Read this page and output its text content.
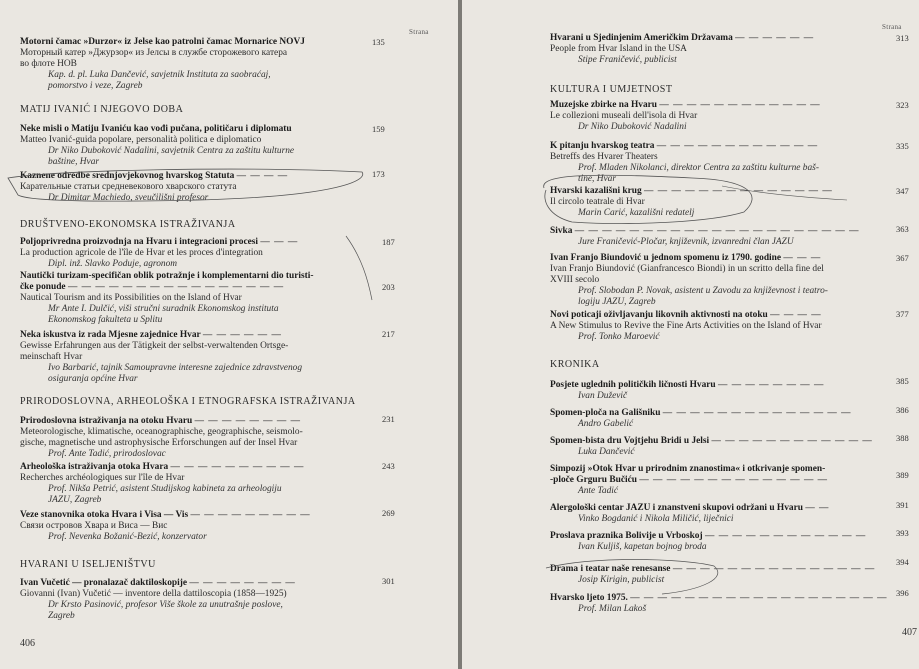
Strana
Motorni čamac »Durzor« iz Jelse kao patrolni čamac Mornarice NOVJ
Моторный катер »Джурзор« из Јелсы в службе сторожевого катера
во флоте НОВ
Kap. d. pl. Luka Dančević, savjetnik Instituta za saobraćaj,
pomorstvo i veze, Zagreb
135
MATIJ IVANIĆ I NJEGOVO DOBA
Neke misli o Matiju Ivaniću kao vođi pučana, političaru i diplomatu
Matteo Ivanić-guida popolare, personalità politica e diplomatico
Dr Niko Duboković Nadalini, savjetnik Centra za zaštitu kulturne
baštine, Hvar
159
Kaznene odredbe srednjovjekovnog hvarskog Statuta — — — —
Карательные статьи средневекового хварского статута
Dr Dimitar Machiedo, sveučilišni profesor
173
DRUŠTVENO-EKONOMSKA ISTRAŽIVANJA
Poljoprivredna proizvodnja na Hvaru i integracioni procesi — — —
La production agricole de l'île de Hvar et les proces d'integration
Dipl. inž. Slavko Poduje, agronom
187
Nautički turizam-specifičan oblik potražnje i komplementarni dio turisti-
čke ponude — — — — — — — — — — — — — — — —
Nautical Tourism and its Possibilities on the Island of Hvar
Mr Ante I. Dulčić, viši stručni suradnik Ekonomskog instituta
Ekonomskog fakulteta u Splitu
203
Neka iskustva iz rada Mjesne zajednice Hvar — — — — — —
Gewisse Erfahrungen aus der Tätigkeit der selbst-verwaltenden Ortsge-
meinschaft Hvar
Ivo Barbarić, tajnik Samoupravne interesne zajednice zdravstvenog
osiguranja općine Hvar
217
PRIRODOSLOVNA, ARHEOLOŠKA I ETNOGRAFSKA ISTRAŽIVANJA
Prirodoslovna istraživanja na otoku Hvaru — — — — — — — —
Meteorologische, klimatische, oceanographische, geographische, seismolo-
gische, magnetische und astrophysische Erforschungen auf der Insel Hvar
Prof. Ante Tadić, prirodoslovac
231
Arheološka istraživanja otoka Hvara — — — — — — — — — —
Recherches archéologiques sur l'île de Hvar
Prof. Nikša Petrić, asistent Studijskog kabineta za arheologiju
JAZU, Zagreb
243
Veze stanovnika otoka Hvara i Visa — Vis — — — — — — — — —
Связи островов Хвара и Виса — Вис
Prof. Nevenka Božanić-Bezić, konzervator
269
HVARANI U ISELJENIŠTVU
Ivan Vučetić — pronalazač daktiloskopije — — — — — — — —
Giovanni (Ivan) Vučetić — inventore della dattiloscopia (1858—1925)
Dr Krsto Pasinović, profesor Više škole za unutrašnje poslove,
Zagreb
301
406
Strana
Hvarani u Sjedinjenim Američkim Državama — — — — — —
People from Hvar Island in the USA
Stipe Franičević, publicist
313
KULTURA I UMJETNOST
Muzejske zbirke na Hvaru — — — — — — — — — — — —
Le collezioni museali dell'isola di Hvar
Dr Niko Duboković Nadalini
323
K pitanju hvarskog teatra — — — — — — — — — — — —
Betreffs des Hvarer Theaters
Prof. Mladen Nikolanci, direktor Centra za zaštitu kulturne baš-
tine, Hvar
335
Hvarski kazališni krug — — — — — — — — — — — — — —
Il circolo teatrale di Hvar
Marin Carić, kazališni redatelj
347
Sivka — — — — — — — — — — — — — — — — — — — — —
Jure Franičević-Pločar, književnik, izvanredni član JAZU
363
Ivan Franjo Biundović u jednom spomenu iz 1790. godine — — —
Ivan Franjo Biundović (Gianfrancesco Biondi) in un scritto della fine del
XVIII secolo
Prof. Slobodan P. Novak, asistent u Zavodu za književnost i teatro-
logiju JAZU, Zagreb
367
Novi poticaji oživljavanju likovnih aktivnosti na otoku — — — —
A New Stimulus to Revive the Fine Arts Activities on the Island of Hvar
Prof. Tonko Maroević
377
KRONIKA
Posjete uglednih političkih ličnosti Hvaru — — — — — — — —
Ivan Duževič
385
Spomen-ploča na Gališniku — — — — — — — — — — — — — —
Andro Gabelić
386
Spomen-bista dru Vojtjehu Bridi u Jelsi — — — — — — — — — — — —
Luka Dančević
388
Simpozij »Otok Hvar u prirodnim znanostima« i otkrivanje spomen-
-ploče Grguru Bučiću — — — — — — — — — — — — — —
Ante Tadić
389
Alergološki centar JAZU i znanstveni skupovi održani u Hvaru — —
Vinko Bogdanić i Nikola Miličić, liječnici
391
Proslava praznika Bolivije u Vrboskoj — — — — — — — — — — — —
Ivan Kuljiš, kapetan bojnog broda
393
Drama i teatar naše renesanse — — — — — — — — — — — — — — —
Josip Kirigin, publicist
394
Hvarsko ljeto 1975. — — — — — — — — — — — — — — — — — — —
Prof. Milan Lakoš
396
407
